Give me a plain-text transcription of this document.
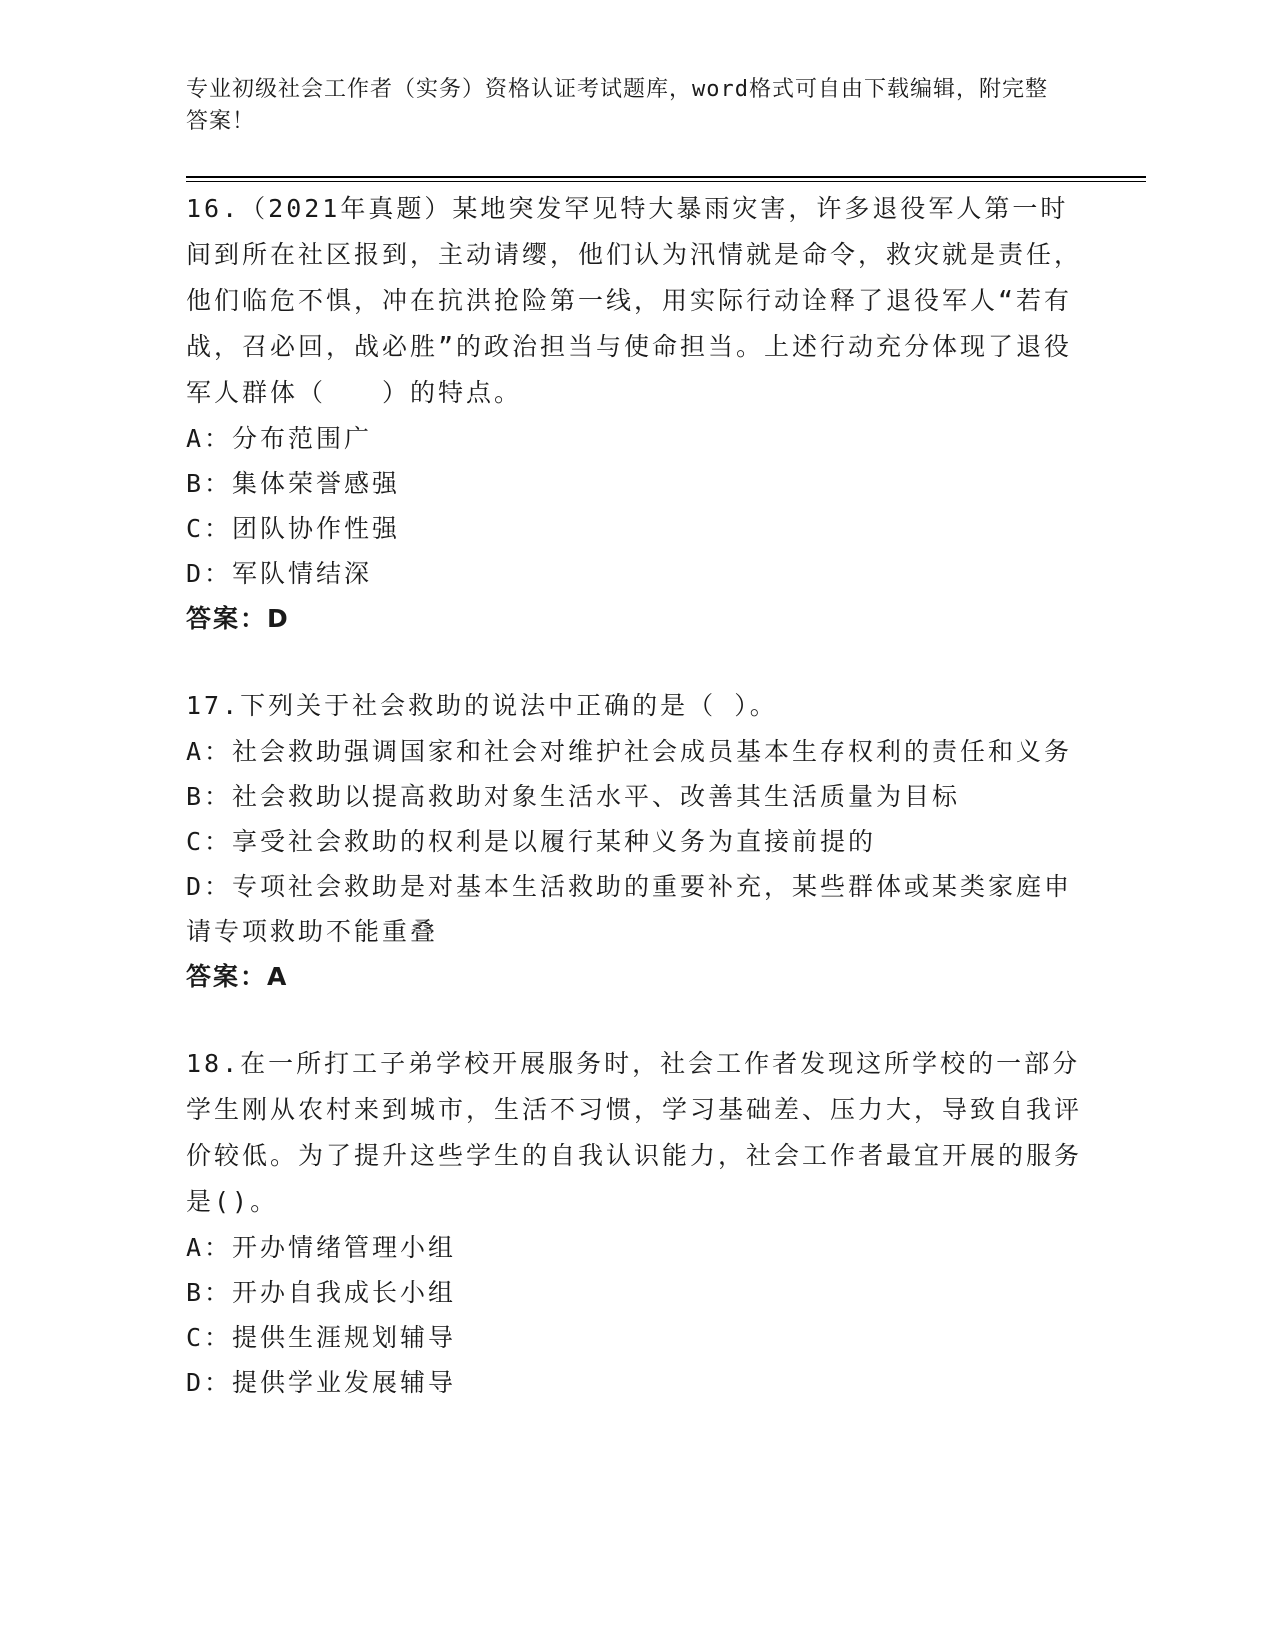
专业初级社会工作者（实务）资格认证考试题库，word格式可自由下载编辑，附完整答案！

16.（2021年真题）某地突发罕见特大暴雨灾害，许多退役军人第一时间到所在社区报到，主动请缨，他们认为汛情就是命令，救灾就是责任，他们临危不惧，冲在抗洪抢险第一线，用实际行动诠释了退役军人“若有战，召必回，战必胜”的政治担当与使命担当。上述行动充分体现了退役军人群体（　　）的特点。

A：分布范围广

B：集体荣誉感强

C：团队协作性强

D：军队情结深

答案：D

17.下列关于社会救助的说法中正确的是（ ）。

A：社会救助强调国家和社会对维护社会成员基本生存权利的责任和义务

B：社会救助以提高救助对象生活水平、改善其生活质量为目标

C：享受社会救助的权利是以履行某种义务为直接前提的

D：专项社会救助是对基本生活救助的重要补充，某些群体或某类家庭申请专项救助不能重叠

答案：A

18.在一所打工子弟学校开展服务时，社会工作者发现这所学校的一部分学生刚从农村来到城市，生活不习惯，学习基础差、压力大，导致自我评价较低。为了提升这些学生的自我认识能力，社会工作者最宜开展的服务是()。

A：开办情绪管理小组

B：开办自我成长小组

C：提供生涯规划辅导

D：提供学业发展辅导
